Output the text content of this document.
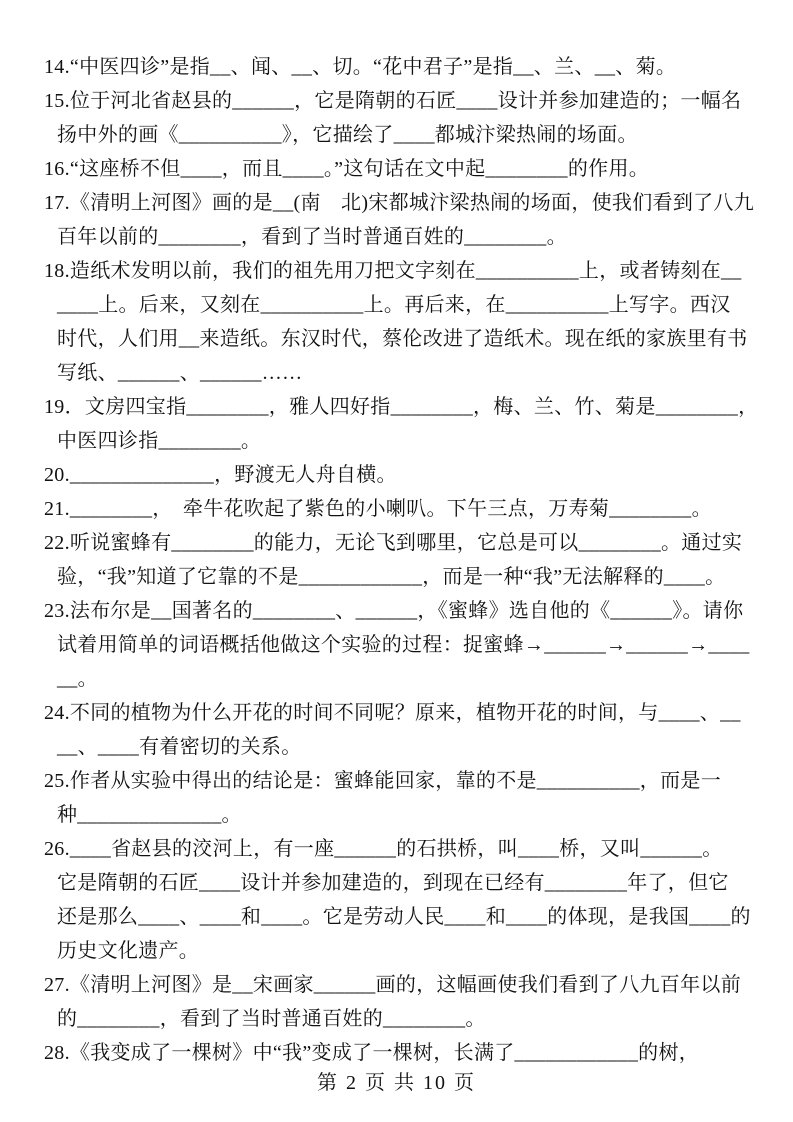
14.“中医四诊”是指__、闻、__、切。“花中君子”是指__、兰、__、菊。
15.位于河北省赵县的______，它是隋朝的石匠____设计并参加建造的；一幅名
扬中外的画《__________》，它描绘了____都城汴梁热闹的场面。
16.“这座桥不但____，而且____。”这句话在文中起________的作用。
17.《清明上河图》画的是__(南　北)宋都城汴梁热闹的场面，使我们看到了八九
百年以前的________，看到了当时普通百姓的________。
18.造纸术发明以前，我们的祖先用刀把文字刻在__________上，或者铸刻在__
____上。后来，又刻在__________上。再后来，在__________上写字。西汉
时代，人们用__来造纸。东汉时代，蔡伦改进了造纸术。现在纸的家族里有书
写纸、______、______……
19．文房四宝指________，雅人四好指________，梅、兰、竹、菊是________，
中医四诊指________。
20.______________，野渡无人舟自横。
21.________，　牵牛花吹起了紫色的小喇叭。下午三点，万寿菊________。
22.听说蜜蜂有________的能力，无论飞到哪里，它总是可以________。通过实
验，“我”知道了它靠的不是____________，而是一种“我”无法解释的____。
23.法布尔是__国著名的________、______，《蜜蜂》选自他的《______》。请你
试着用简单的词语概括他做这个实验的过程：捉蜜蜂→______→______→____
__。
24.不同的植物为什么开花的时间不同呢？原来，植物开花的时间，与____、__
__、____有着密切的关系。
25.作者从实验中得出的结论是：蜜蜂能回家，靠的不是__________，而是一
种______________。
26.____省赵县的洨河上，有一座______的石拱桥，叫____桥，又叫______。
它是隋朝的石匠____设计并参加建造的，到现在已经有________年了，但它
还是那么____、____和____。它是劳动人民____和____的体现，是我国____的
历史文化遗产。
27.《清明上河图》是__宋画家______画的，这幅画使我们看到了八九百年以前
的________，看到了当时普通百姓的________。
28.《我变成了一棵树》中“我”变成了一棵树，长满了____________的树，
第 2 页 共 10 页
